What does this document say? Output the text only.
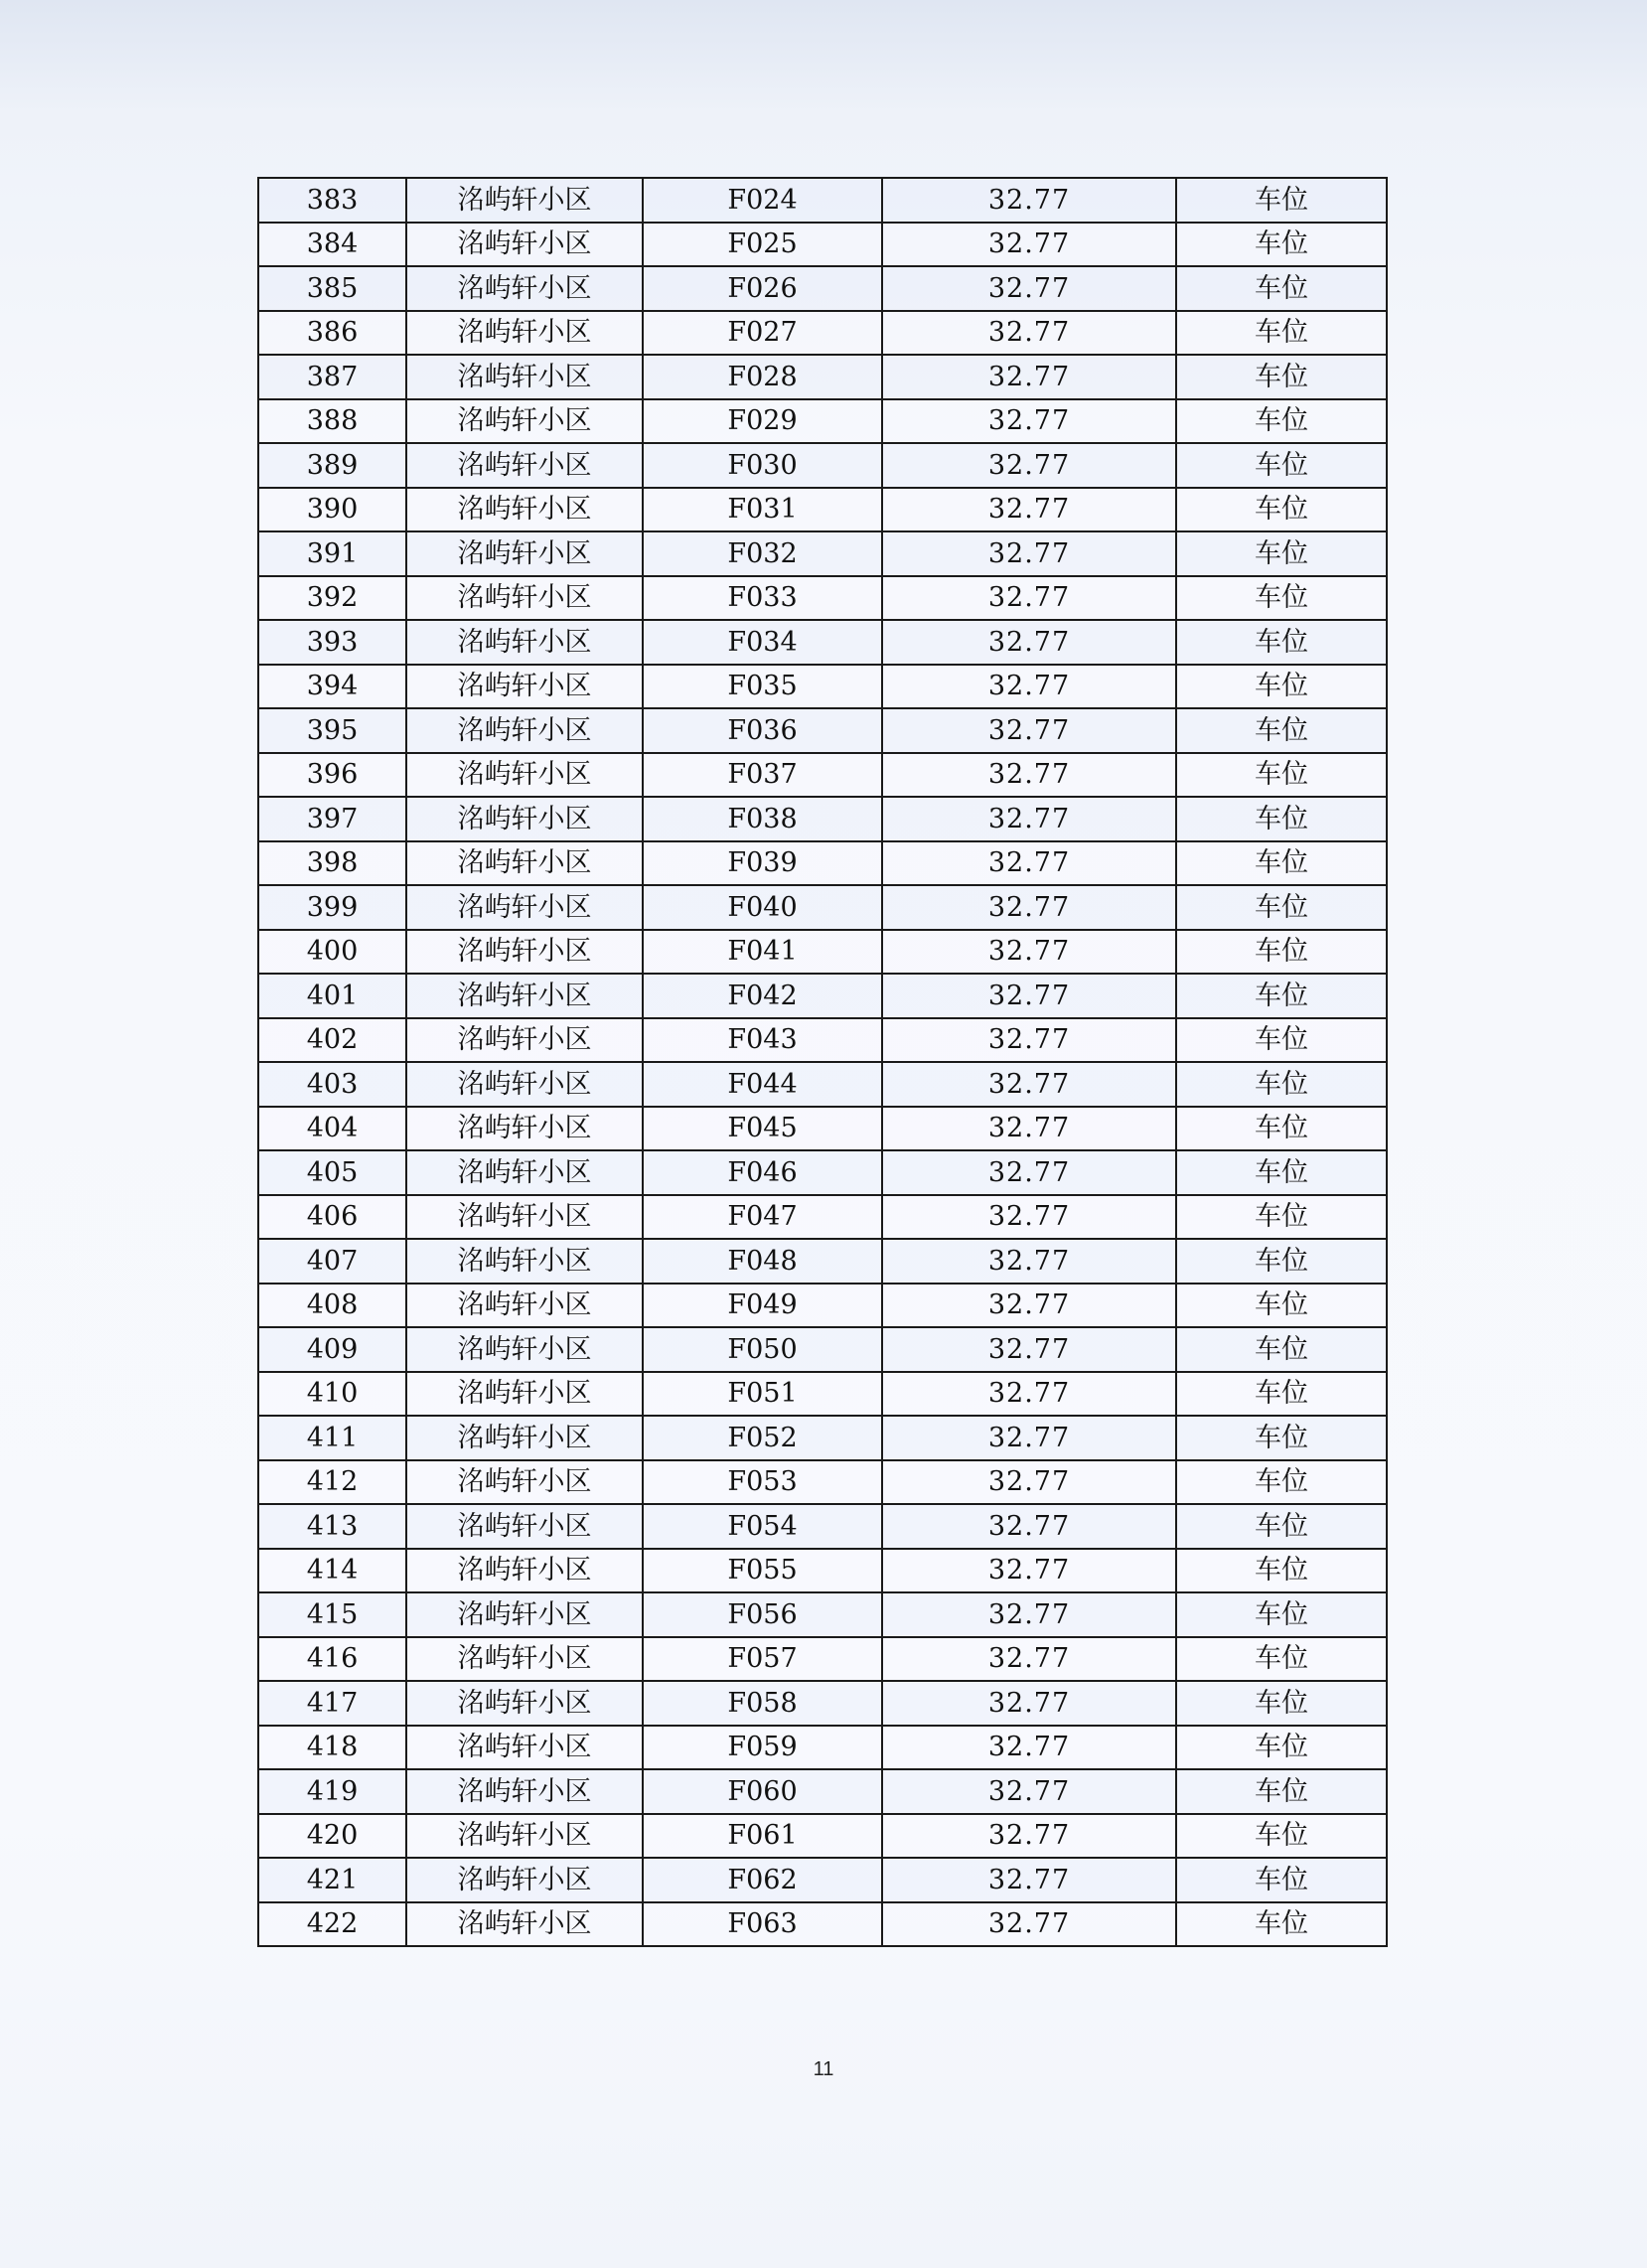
383	洺屿轩小区	F024	32.77	车位
384	洺屿轩小区	F025	32.77	车位
385	洺屿轩小区	F026	32.77	车位
386	洺屿轩小区	F027	32.77	车位
387	洺屿轩小区	F028	32.77	车位
388	洺屿轩小区	F029	32.77	车位
389	洺屿轩小区	F030	32.77	车位
390	洺屿轩小区	F031	32.77	车位
391	洺屿轩小区	F032	32.77	车位
392	洺屿轩小区	F033	32.77	车位
393	洺屿轩小区	F034	32.77	车位
394	洺屿轩小区	F035	32.77	车位
395	洺屿轩小区	F036	32.77	车位
396	洺屿轩小区	F037	32.77	车位
397	洺屿轩小区	F038	32.77	车位
398	洺屿轩小区	F039	32.77	车位
399	洺屿轩小区	F040	32.77	车位
400	洺屿轩小区	F041	32.77	车位
401	洺屿轩小区	F042	32.77	车位
402	洺屿轩小区	F043	32.77	车位
403	洺屿轩小区	F044	32.77	车位
404	洺屿轩小区	F045	32.77	车位
405	洺屿轩小区	F046	32.77	车位
406	洺屿轩小区	F047	32.77	车位
407	洺屿轩小区	F048	32.77	车位
408	洺屿轩小区	F049	32.77	车位
409	洺屿轩小区	F050	32.77	车位
410	洺屿轩小区	F051	32.77	车位
411	洺屿轩小区	F052	32.77	车位
412	洺屿轩小区	F053	32.77	车位
413	洺屿轩小区	F054	32.77	车位
414	洺屿轩小区	F055	32.77	车位
415	洺屿轩小区	F056	32.77	车位
416	洺屿轩小区	F057	32.77	车位
417	洺屿轩小区	F058	32.77	车位
418	洺屿轩小区	F059	32.77	车位
419	洺屿轩小区	F060	32.77	车位
420	洺屿轩小区	F061	32.77	车位
421	洺屿轩小区	F062	32.77	车位
422	洺屿轩小区	F063	32.77	车位
11
